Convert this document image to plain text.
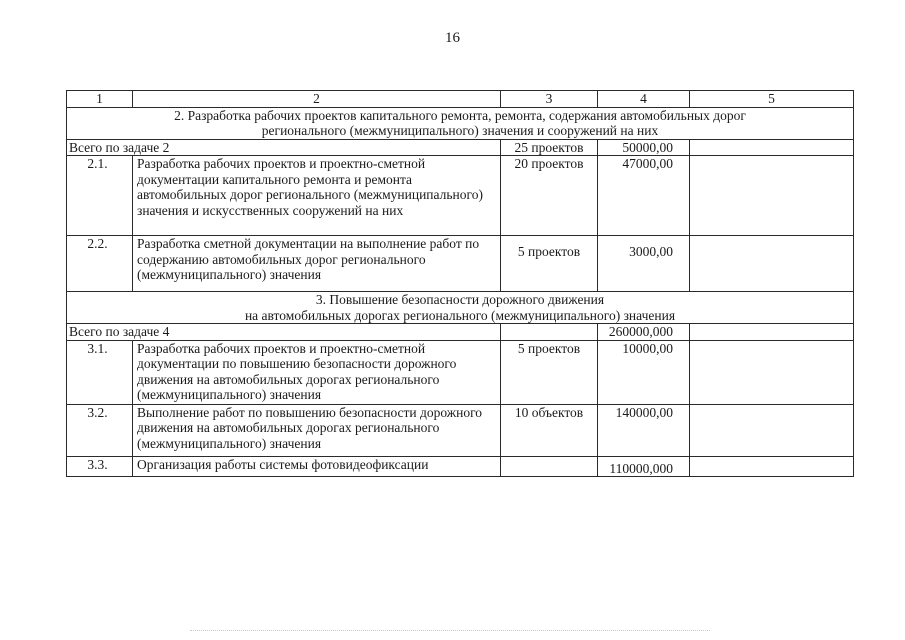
16
1	2	3	4	5

2. Разработка рабочих проектов капитального ремонта, ремонта, содержания автомобильных дорог
регионального (межмуниципального) значения и сооружений на них				

Всего по задаче 2		25 проектов	50000,00	
2.1.	Разработка рабочих проектов и проектно-сметной документации капитального ремонта и ремонта автомобильных дорог регионального (межмуниципального) значения и искусственных сооружений на них	20 проектов	47000,00	
2.2.	Разработка сметной документации на выполнение работ по содержанию автомобильных дорог регионального (межмуниципального) значения	5 проектов	3000,00	

3. Повышение безопасности дорожного движения
на автомобильных дорогах регионального (межмуниципального) значения				

Всего по задаче 4			260000,000	
3.1.	Разработка рабочих проектов и проектно-сметной документации по повышению безопасности дорожного движения на автомобильных дорогах регионального (межмуниципального) значения	5 проектов	10000,00	
3.2.	Выполнение работ по повышению безопасности дорожного движения на автомобильных дорогах регионального (межмуниципального) значения	10 объектов	140000,00	
3.3.	Организация работы системы фотовидеофиксации		110000,000	
